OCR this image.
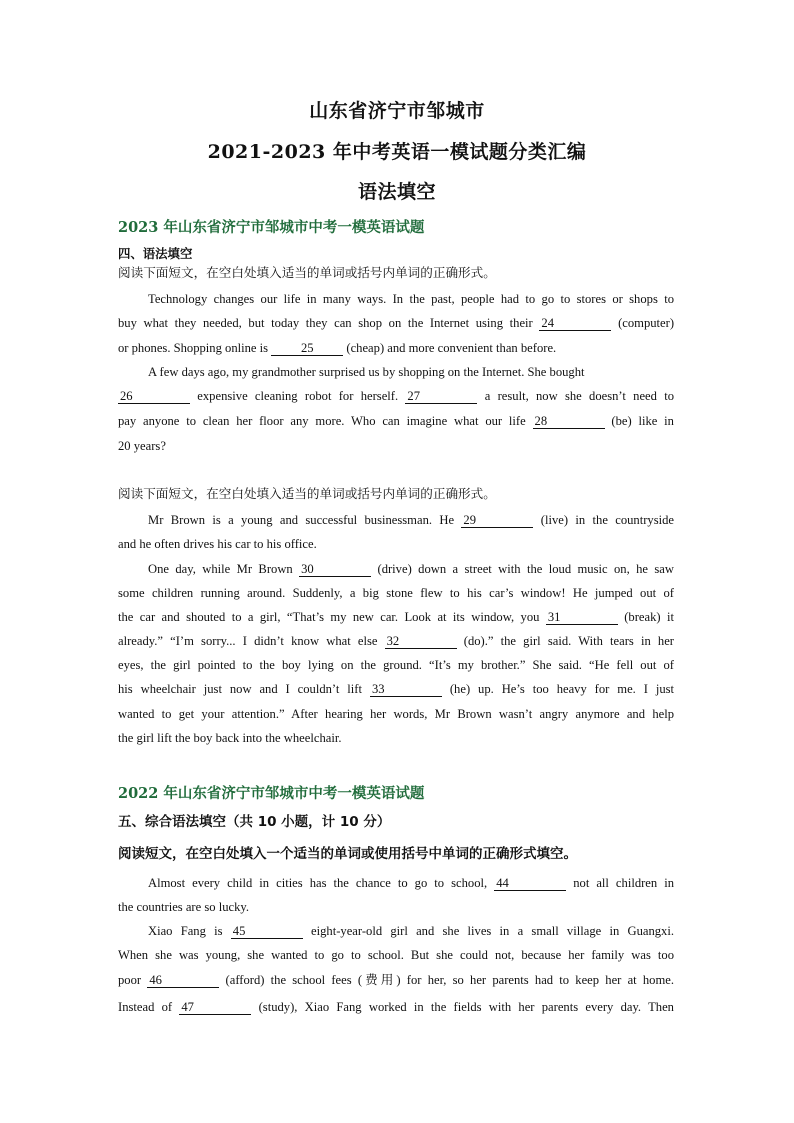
山东省济宁市邹城市
2021-2023 年中考英语一模试题分类汇编
语法填空
2023 年山东省济宁市邹城市中考一模英语试题
四、语法填空
阅读下面短文，在空白处填入适当的单词或括号内单词的正确形式。
Technology changes our life in many ways. In the past, people had to go to stores or shops to
buy what they needed, but today they can shop on the Internet using their 24	(computer)
or phones. Shopping online is	25	(cheap) and more convenient than before.
A few days ago, my grandmother surprised us by shopping on the Internet. She bought
26	expensive cleaning robot for herself. 27	a result, now she doesn’t need to
pay anyone to clean her floor any more. Who can imagine what our life 28	(be) like in
20 years?
阅读下面短文，在空白处填入适当的单词或括号内单词的正确形式。
Mr Brown is a young and successful businessman. He 29	(live) in the countryside
and he often drives his car to his office.
One day, while Mr Brown 30	(drive) down a street with the loud music on, he saw
some children running around. Suddenly, a big stone flew to his car’s window! He jumped out of
the car and shouted to a girl, “That’s my new car. Look at its window, you 31	(break) it
already.” “I’m sorry... I didn’t know what else 32	(do).” the girl said. With tears in her
eyes, the girl pointed to the boy lying on the ground. “It’s my brother.” She said. “He fell out of
his wheelchair just now and I couldn’t lift 33	(he) up. He’s too heavy for me. I just
wanted to get your attention.” After hearing her words, Mr Brown wasn’t angry anymore and help
the girl lift the boy back into the wheelchair.
2022 年山东省济宁市邹城市中考一模英语试题
五、综合语法填空（共 10 小题，计 10 分）
阅读短文，在空白处填入一个适当的单词或使用括号中单词的正确形式填空。
Almost every child in cities has the chance to go to school, 44	not all children in
the countries are so lucky.
Xiao Fang is 45	eight-year-old girl and she lives in a small village in Guangxi.
When she was young, she wanted to go to school. But she could not, because her family was too
poor 46	(afford) the school fees (费用) for her, so her parents had to keep her at home.
Instead of 47	(study), Xiao Fang worked in the fields with her parents every day. Then
